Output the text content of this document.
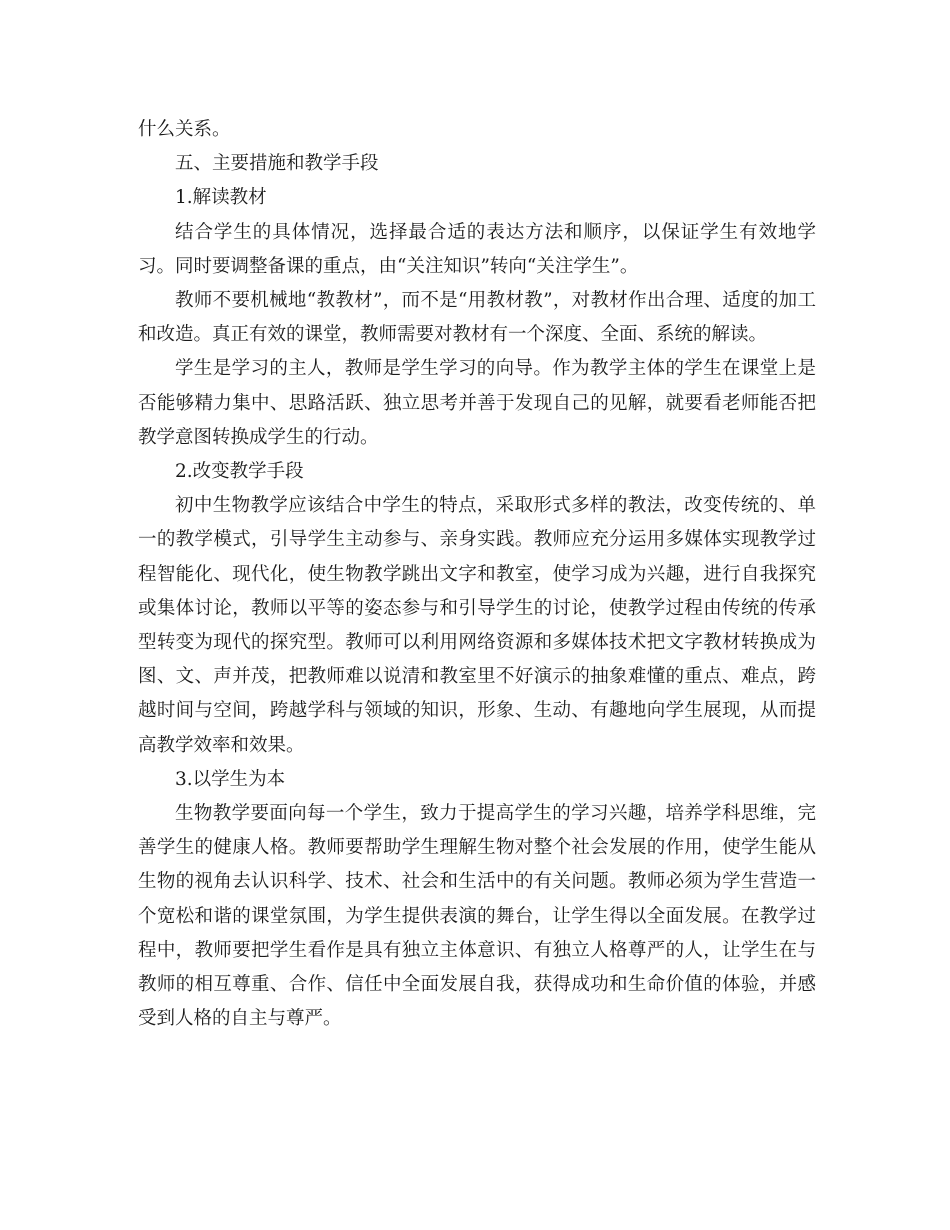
什么关系。

五、主要措施和教学手段

1.解读教材

结合学生的具体情况，选择最合适的表达方法和顺序，以保证学生有效地学习。同时要调整备课的重点，由“关注知识”转向“关注学生”。

教师不要机械地“教教材”，而不是“用教材教”，对教材作出合理、适度的加工和改造。真正有效的课堂，教师需要对教材有一个深度、全面、系统的解读。

学生是学习的主人，教师是学生学习的向导。作为教学主体的学生在课堂上是否能够精力集中、思路活跃、独立思考并善于发现自己的见解，就要看老师能否把教学意图转换成学生的行动。

2.改变教学手段

初中生物教学应该结合中学生的特点，采取形式多样的教法，改变传统的、单一的教学模式，引导学生主动参与、亲身实践。教师应充分运用多媒体实现教学过程智能化、现代化，使生物教学跳出文字和教室，使学习成为兴趣，进行自我探究或集体讨论，教师以平等的姿态参与和引导学生的讨论，使教学过程由传统的传承型转变为现代的探究型。教师可以利用网络资源和多媒体技术把文字教材转换成为图、文、声并茂，把教师难以说清和教室里不好演示的抽象难懂的重点、难点，跨越时间与空间，跨越学科与领域的知识，形象、生动、有趣地向学生展现，从而提高教学效率和效果。

3.以学生为本

生物教学要面向每一个学生，致力于提高学生的学习兴趣，培养学科思维，完善学生的健康人格。教师要帮助学生理解生物对整个社会发展的作用，使学生能从生物的视角去认识科学、技术、社会和生活中的有关问题。教师必须为学生营造一个宽松和谐的课堂氛围，为学生提供表演的舞台，让学生得以全面发展。在教学过程中，教师要把学生看作是具有独立主体意识、有独立人格尊严的人，让学生在与教师的相互尊重、合作、信任中全面发展自我，获得成功和生命价值的体验，并感受到人格的自主与尊严。
